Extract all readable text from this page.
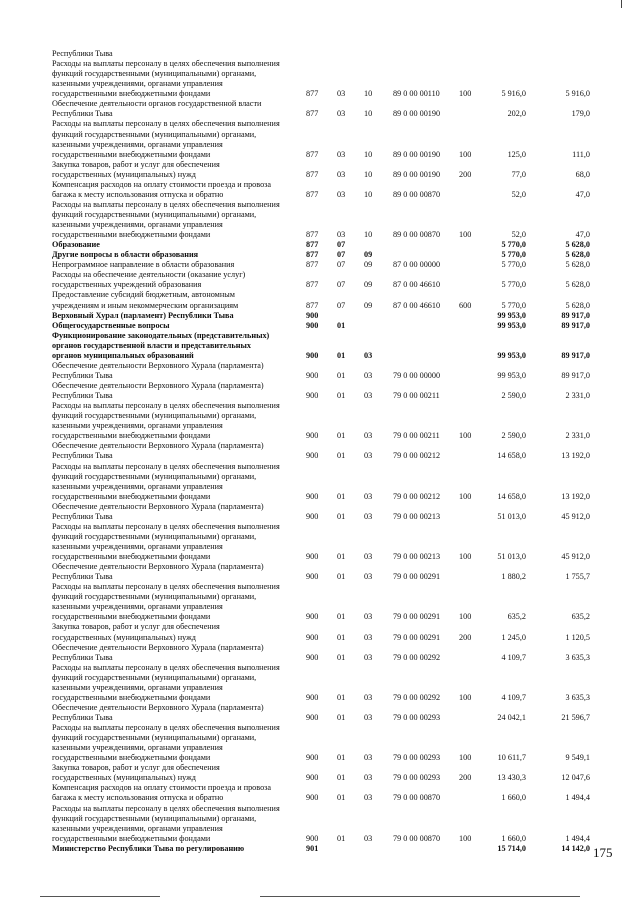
Республики Тыва
Расходы на выплаты персоналу в целях обеспечения выполнения
функций государственными (муниципальными) органами,
казенными учреждениями, органами управления
государственными внебюджетными фондами	877 03 10	89 0 00 00110 100	5 916,0	5 916,0
Обеспечение деятельности органов государственной власти
Республики Тыва	877 03 10	89 0 00 00190	202,0	179,0
Расходы на выплаты персоналу в целях обеспечения выполнения
функций государственными (муниципальными) органами,
казенными учреждениями, органами управления
государственными внебюджетными фондами	877 03 10	89 0 00 00190 100	125,0	111,0
Закупка товаров, работ и услуг для обеспечения
государственных (муниципальных) нужд	877 03 10	89 0 00 00190 200	77,0	68,0
Компенсация расходов на оплату стоимости проезда и провоза
багажа к месту использования отпуска и обратно	877 03 10	89 0 00 00870	52,0	47,0
Расходы на выплаты персоналу в целях обеспечения выполнения
функций государственными (муниципальными) органами,
казенными учреждениями, органами управления
государственными внебюджетными фондами	877 03 10	89 0 00 00870 100	52,0	47,0
Образование	877 07	5 770,0	5 628,0
Другие вопросы в области образования	877 07 09	5 770,0	5 628,0
Непрограммное направление в области образования	877 07 09	87 0 00 00000	5 770,0	5 628,0
Расходы на обеспечение деятельности (оказание услуг)
государственных учреждений образования	877 07 09	87 0 00 46610	5 770,0	5 628,0
Предоставление субсидий бюджетным, автономным
учреждениям и иным некоммерческим организациям	877 07 09	87 0 00 46610 600	5 770,0	5 628,0
Верховный Хурал (парламент) Республики Тыва	900	99 953,0	89 917,0
Общегосударственные вопросы	900 01	99 953,0	89 917,0
Функционирование законодательных (представительных)
органов государственной власти и представительных
органов муниципальных образований	900 01 03	99 953,0	89 917,0
Обеспечение деятельности Верховного Хурала (парламента)
Республики Тыва	900 01 03	79 0 00 00000	99 953,0	89 917,0
Обеспечение деятельности Верховного Хурала (парламента)
Республики Тыва	900 01 03	79 0 00 00211	2 590,0	2 331,0
Расходы на выплаты персоналу в целях обеспечения выполнения
функций государственными (муниципальными) органами,
казенными учреждениями, органами управления
государственными внебюджетными фондами	900 01 03	79 0 00 00211 100	2 590,0	2 331,0
Обеспечение деятельности Верховного Хурала (парламента)
Республики Тыва	900 01 03	79 0 00 00212	14 658,0	13 192,0
Расходы на выплаты персоналу в целях обеспечения выполнения
функций государственными (муниципальными) органами,
казенными учреждениями, органами управления
государственными внебюджетными фондами	900 01 03	79 0 00 00212 100	14 658,0	13 192,0
Обеспечение деятельности Верховного Хурала (парламента)
Республики Тыва	900 01 03	79 0 00 00213	51 013,0	45 912,0
Расходы на выплаты персоналу в целях обеспечения выполнения
функций государственными (муниципальными) органами,
казенными учреждениями, органами управления
государственными внебюджетными фондами	900 01 03	79 0 00 00213 100	51 013,0	45 912,0
Обеспечение деятельности Верховного Хурала (парламента)
Республики Тыва	900 01 03	79 0 00 00291	1 880,2	1 755,7
Расходы на выплаты персоналу в целях обеспечения выполнения
функций государственными (муниципальными) органами,
казенными учреждениями, органами управления
государственными внебюджетными фондами	900 01 03	79 0 00 00291 100	635,2	635,2
Закупка товаров, работ и услуг для обеспечения
государственных (муниципальных) нужд	900 01 03	79 0 00 00291 200	1 245,0	1 120,5
Обеспечение деятельности Верховного Хурала (парламента)
Республики Тыва	900 01 03	79 0 00 00292	4 109,7	3 635,3
Расходы на выплаты персоналу в целях обеспечения выполнения
функций государственными (муниципальными) органами,
казенными учреждениями, органами управления
государственными внебюджетными фондами	900 01 03	79 0 00 00292 100	4 109,7	3 635,3
Обеспечение деятельности Верховного Хурала (парламента)
Республики Тыва	900 01 03	79 0 00 00293	24 042,1	21 596,7
Расходы на выплаты персоналу в целях обеспечения выполнения
функций государственными (муниципальными) органами,
казенными учреждениями, органами управления
государственными внебюджетными фондами	900 01 03	79 0 00 00293 100	10 611,7	9 549,1
Закупка товаров, работ и услуг для обеспечения
государственных (муниципальных) нужд	900 01 03	79 0 00 00293 200	13 430,3	12 047,6
Компенсация расходов на оплату стоимости проезда и провоза
багажа к месту использования отпуска и обратно	900 01 03	79 0 00 00870	1 660,0	1 494,4
Расходы на выплаты персоналу в целях обеспечения выполнения
функций государственными (муниципальными) органами,
казенными учреждениями, органами управления
государственными внебюджетными фондами	900 01 03	79 0 00 00870 100	1 660,0	1 494,4
Министерство Республики Тыва по регулированию	901	15 714,0	14 142,0 175
